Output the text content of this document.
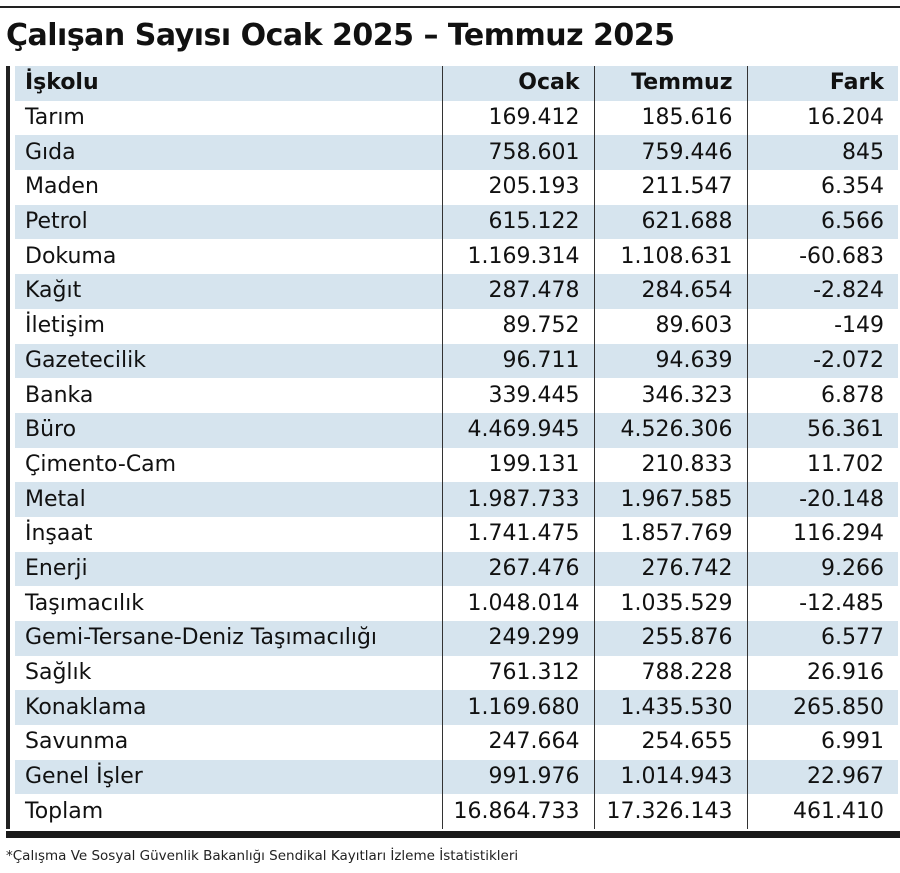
Çalışan Sayısı Ocak 2025 – Temmuz 2025
İşkolu	Ocak	Temmuz	Fark
Tarım	169.412	185.616	16.204
Gıda	758.601	759.446	845
Maden	205.193	211.547	6.354
Petrol	615.122	621.688	6.566
Dokuma	1.169.314	1.108.631	-60.683
Kağıt	287.478	284.654	-2.824
İletişim	89.752	89.603	-149
Gazetecilik	96.711	94.639	-2.072
Banka	339.445	346.323	6.878
Büro	4.469.945	4.526.306	56.361
Çimento-Cam	199.131	210.833	11.702
Metal	1.987.733	1.967.585	-20.148
İnşaat	1.741.475	1.857.769	116.294
Enerji	267.476	276.742	9.266
Taşımacılık	1.048.014	1.035.529	-12.485
Gemi-Tersane-Deniz Taşımacılığı	249.299	255.876	6.577
Sağlık	761.312	788.228	26.916
Konaklama	1.169.680	1.435.530	265.850
Savunma	247.664	254.655	6.991
Genel İşler	991.976	1.014.943	22.967
Toplam	16.864.733	17.326.143	461.410
*Çalışma Ve Sosyal Güvenlik Bakanlığı Sendikal Kayıtları İzleme İstatistikleri
